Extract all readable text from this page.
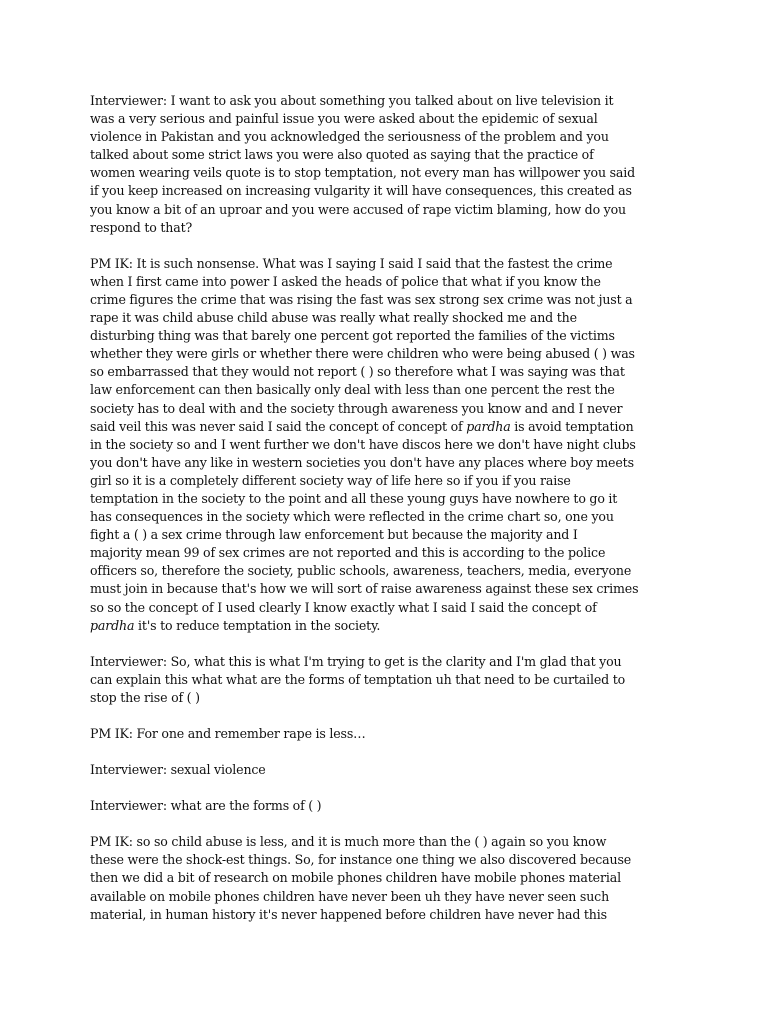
Interviewer: I want to ask you about something you talked about on live television it
was a very serious and painful issue you were asked about the epidemic of sexual
violence in Pakistan and you acknowledged the seriousness of the problem and you
talked about some strict laws you were also quoted as saying that the practice of
women wearing veils quote is to stop temptation, not every man has willpower you said
if you keep increased on increasing vulgarity it will have consequences, this created as
you know a bit of an uproar and you were accused of rape victim blaming, how do you
respond to that?

PM IK: It is such nonsense. What was I saying I said I said that the fastest the crime
when I first came into power I asked the heads of police that what if you know the
crime figures the crime that was rising the fast was sex strong sex crime was not just a
rape it was child abuse child abuse was really what really shocked me and the
disturbing thing was that barely one percent got reported the families of the victims
whether they were girls or whether there were children who were being abused ( ) was
so embarrassed that they would not report ( ) so therefore what I was saying was that
law enforcement can then basically only deal with less than one percent the rest the
society has to deal with and the society through awareness you know and and I never
said veil this was never said I said the concept of concept of pardha is avoid temptation
in the society so and I went further we don't have discos here we don't have night clubs
you don't have any like in western societies you don't have any places where boy meets
girl so it is a completely different society way of life here so if you if you raise
temptation in the society to the point and all these young guys have nowhere to go it
has consequences in the society which were reflected in the crime chart so, one you
fight a ( ) a sex crime through law enforcement but because the majority and I
majority mean 99 of sex crimes are not reported and this is according to the police
officers so, therefore the society, public schools, awareness, teachers, media, everyone
must join in because that's how we will sort of raise awareness against these sex crimes
so so the concept of I used clearly I know exactly what I said I said the concept of
pardha it's to reduce temptation in the society.

Interviewer: So, what this is what I'm trying to get is the clarity and I'm glad that you
can explain this what what are the forms of temptation uh that need to be curtailed to
stop the rise of ( )

PM IK: For one and remember rape is less…

Interviewer: sexual violence

Interviewer: what are the forms of ( )

PM IK: so so child abuse is less, and it is much more than the ( ) again so you know
these were the shock-est things. So, for instance one thing we also discovered because
then we did a bit of research on mobile phones children have mobile phones material
available on mobile phones children have never been uh they have never seen such
material, in human history it's never happened before children have never had this
